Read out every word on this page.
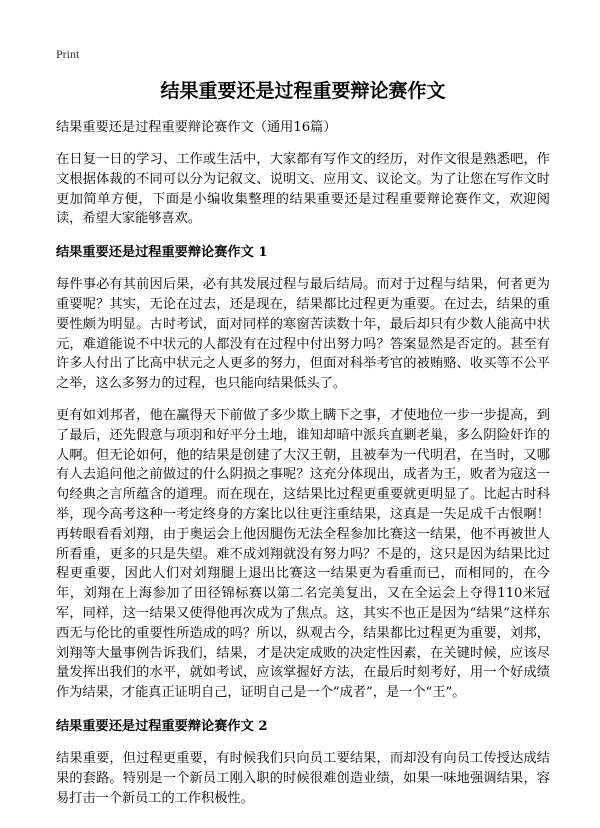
Print
结果重要还是过程重要辩论赛作文
结果重要还是过程重要辩论赛作文（通用16篇）

在日复一日的学习、工作或生活中，大家都有写作文的经历，对作文很是熟悉吧，作文根据体裁的不同可以分为记叙文、说明文、应用文、议论文。为了让您在写作文时更加简单方便，下面是小编收集整理的结果重要还是过程重要辩论赛作文，欢迎阅读，希望大家能够喜欢。

结果重要还是过程重要辩论赛作文 1

每件事必有其前因后果，必有其发展过程与最后结局。而对于过程与结果，何者更为重要呢？其实，无论在过去，还是现在，结果都比过程更为重要。在过去，结果的重要性颇为明显。古时考试，面对同样的寒窗苦读数十年，最后却只有少数人能高中状元，难道能说不中状元的人都没有在过程中付出努力吗？答案显然是否定的。甚至有许多人付出了比高中状元之人更多的努力，但面对科举考官的被贿赂、收买等不公平之举，这么多努力的过程，也只能向结果低头了。

更有如刘邦者，他在赢得天下前做了多少欺上瞒下之事，才使地位一步一步提高，到了最后，还先假意与项羽和好平分土地，谁知却暗中派兵直剿老巢，多么阴险奸诈的人啊。但无论如何，他的结果是创建了大汉王朝，且被奉为一代明君，在当时，又哪有人去追问他之前做过的什么阴损之事呢？这充分体现出，成者为王，败者为寇这一句经典之言所蕴含的道理。而在现在，这结果比过程更重要就更明显了。比起古时科举，现今高考这种一考定终身的方案比以往更注重结果，这真是一失足成千古恨啊！再转眼看看刘翔，由于奥运会上他因腿伤无法全程参加比赛这一结果，他不再被世人所看重，更多的只是失望。难不成刘翔就没有努力吗？不是的，这只是因为结果比过程更重要，因此人们对刘翔腿上退出比赛这一结果更为看重而已，而相同的，在今年，刘翔在上海参加了田径锦标赛以第二名完美复出，又在全运会上夺得110米冠军，同样，这一结果又使得他再次成为了焦点。这，其实不也正是因为“结果”这样东西无与伦比的重要性所造成的吗？所以，纵观古今，结果都比过程更为重要，刘邦，刘翔等大量事例告诉我们，结果，才是决定成败的决定性因素，在关键时候，应该尽量发挥出我们的水平，就如考试，应该掌握好方法，在最后时刻考好，用一个好成绩作为结果，才能真正证明自己，证明自己是一个“成者”，是一个“王”。

结果重要还是过程重要辩论赛作文 2

结果重要，但过程更重要，有时候我们只向员工要结果，而却没有向员工传授达成结果的套路。特别是一个新员工刚入职的时候很难创造业绩，如果一味地强调结果，容易打击一个新员工的工作积极性。
